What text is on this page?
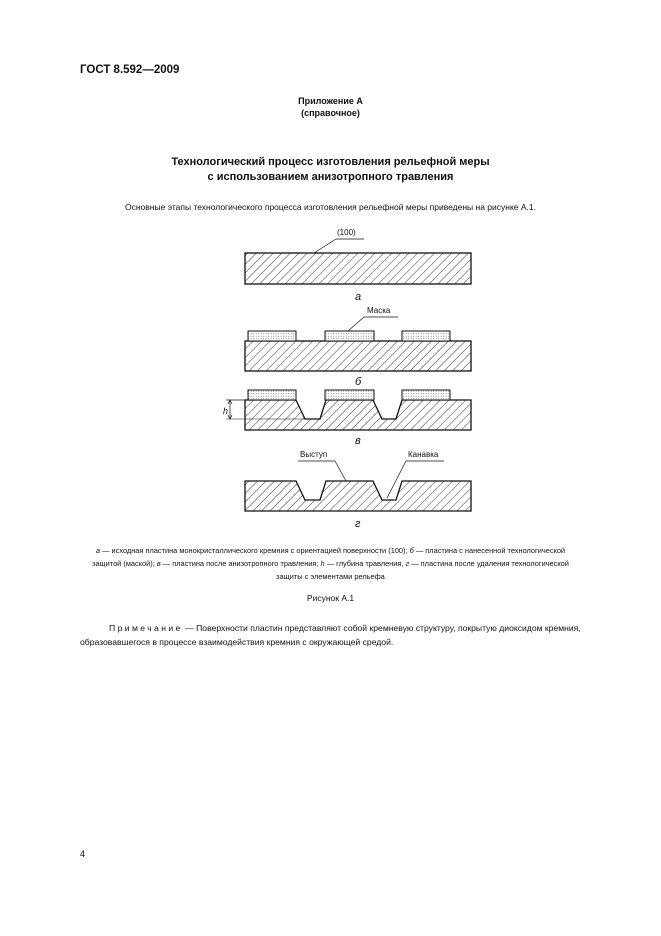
ГОСТ 8.592—2009
Приложение А
(справочное)
Технологический процесс изготовления рельефной меры
с использованием анизотропного травления
Основные этапы технологического процесса изготовления рельефной меры приведены на рисунке А.1.
(100)
а
Маска
б
h
в
Выступ	Канавка
г
а — исходная пластина монокристаллического кремния с ориентацией поверхности (100); б — пластина с нанесенной технологической защитой (маской); в — пластина после анизотропного травления; h — глубина травления, г — пластина после удаления технологической защиты с элементами рельефа
Рисунок А.1
Примечание — Поверхности пластин представляют собой кремневую структуру, покрытую диоксидом кремния, образовавшегося в процессе взаимодействия кремния с окружающей средой.
4
